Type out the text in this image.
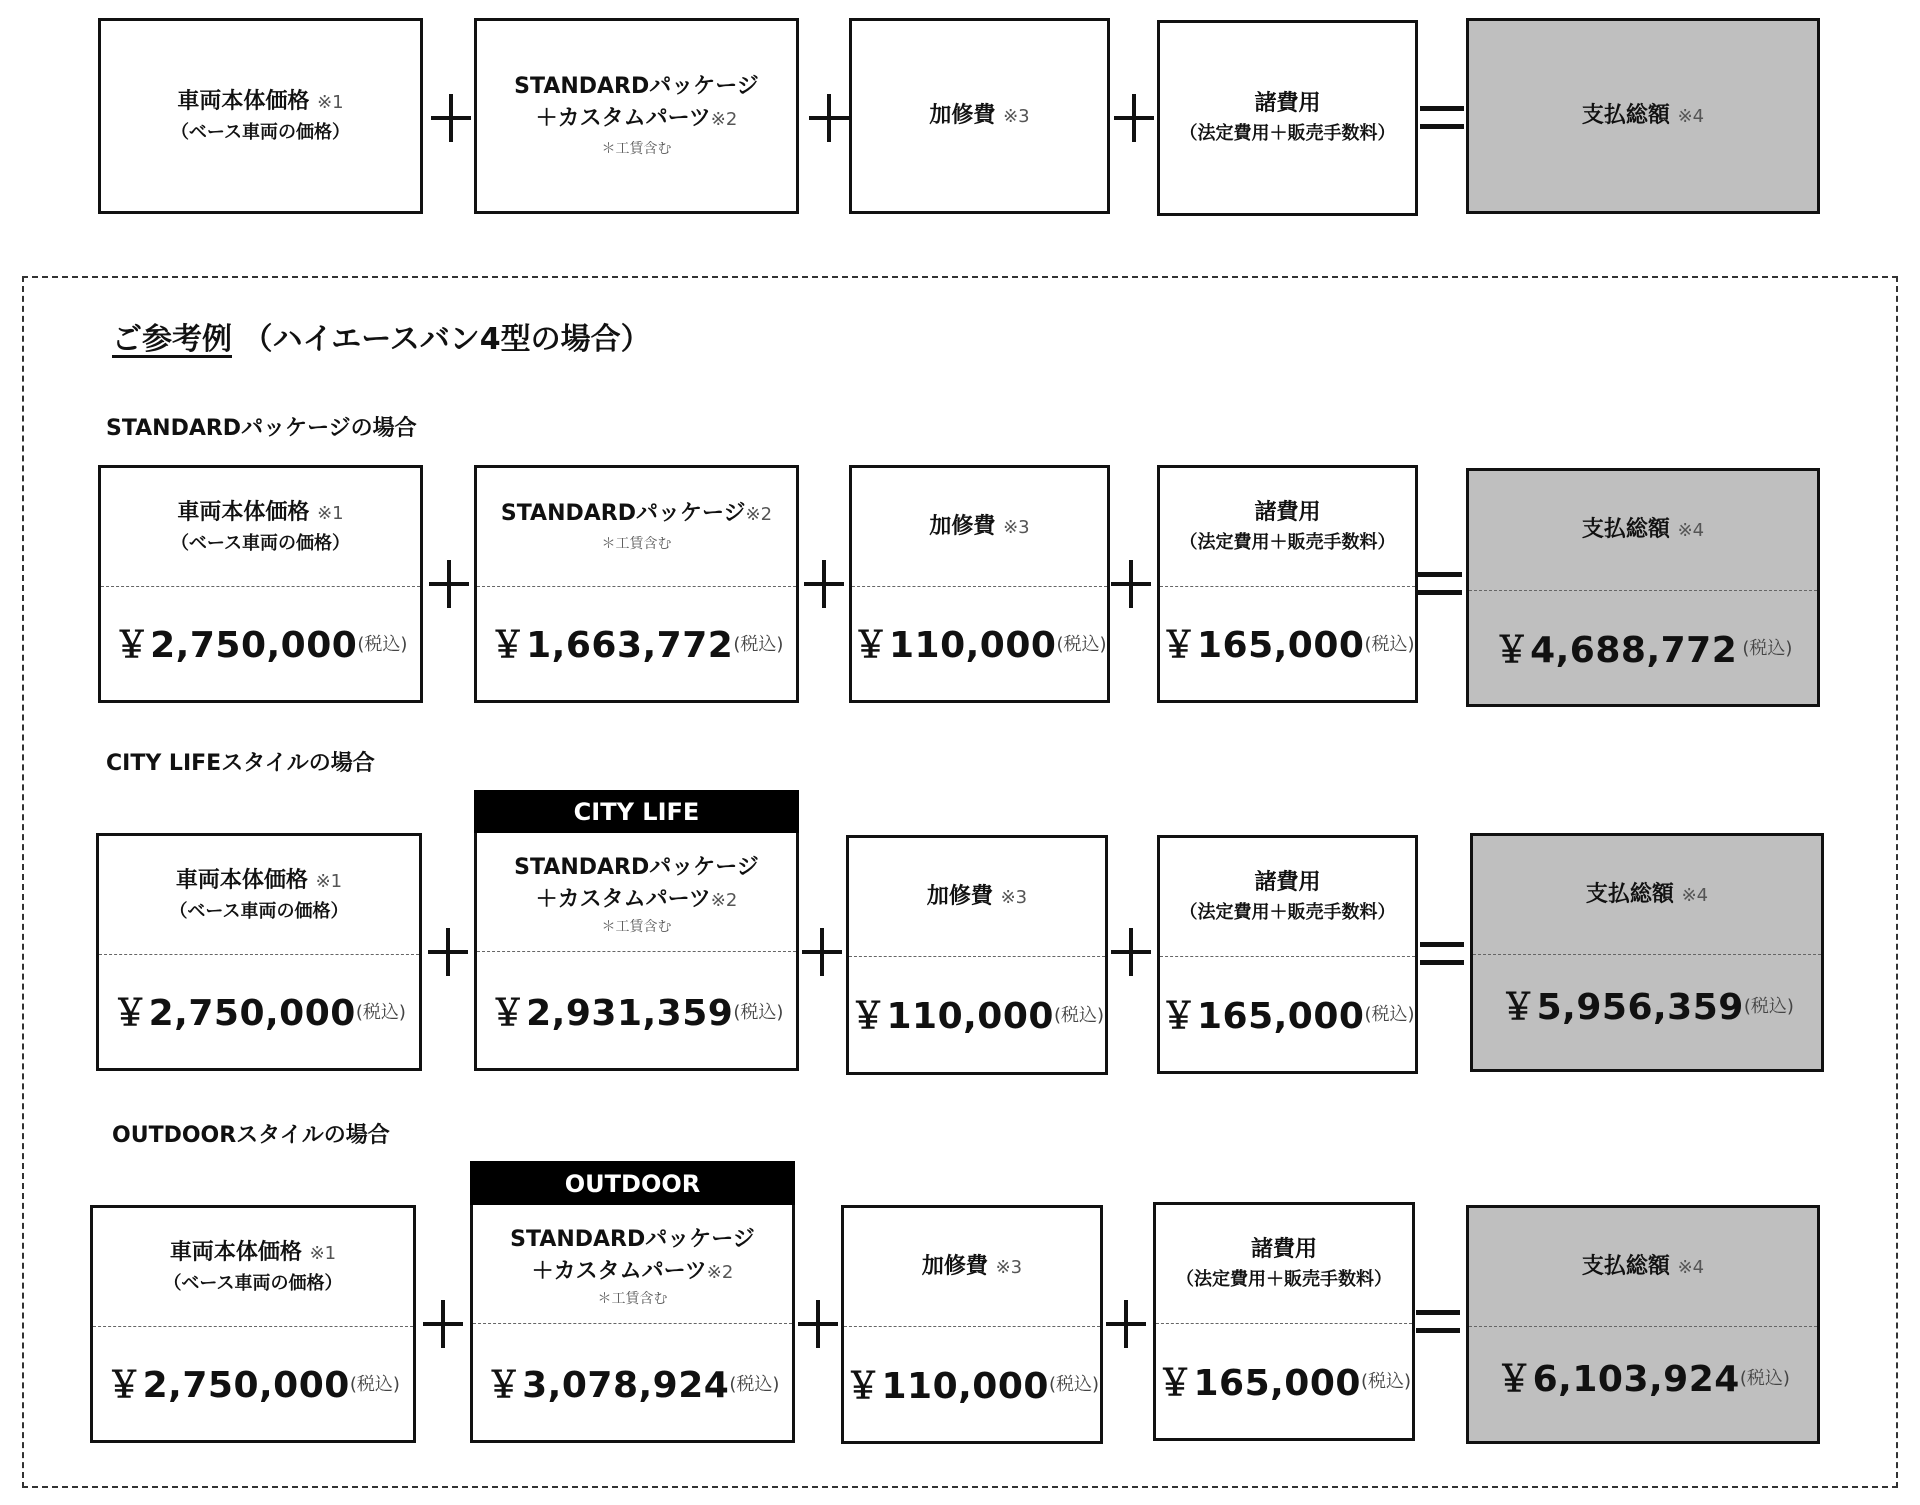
車両本体価格 ※1
（ベース車両の価格）
STANDARDパッケージ
＋カスタムパーツ※2
＊工賃含む
加修費 ※3	諸費用
（法定費用＋販売手数料）
支払総額 ※4
ご参考例 （ハイエースバン4型の場合）
STANDARDパッケージの場合
車両本体価格 ※1
（ベース車両の価格）
￥2,750,000 (税込)
STANDARDパッケージ※2
＊工賃含む
￥1,663,772 (税込)
加修費 ※3
￥110,000 (税込)
諸費用
（法定費用＋販売手数料）
￥165,000 (税込)
支払総額 ※4
￥4,688,772
(税込)
CITY LIFEスタイルの場合
車両本体価格 ※1
（ベース車両の価格）
￥2,750,000 (税込)
CITY LIFE
STANDARDパッケージ
＋カスタムパーツ※2
＊工賃含む
￥2,931,359 (税込)
加修費 ※3
￥110,000 (税込)
諸費用
（法定費用＋販売手数料）
￥165,000 (税込)
支払総額 ※4
￥5,956,359 (税込)
OUTDOORスタイルの場合
車両本体価格 ※1
（ベース車両の価格）
￥2,750,000 (税込)
OUTDOOR
STANDARDパッケージ
＋カスタムパーツ※2
＊工賃含む
￥3,078,924 (税込)
加修費 ※3
￥110,000 (税込)
諸費用
（法定費用＋販売手数料）
￥165,000 (税込)
支払総額 ※4
￥6,103,924 (税込)
